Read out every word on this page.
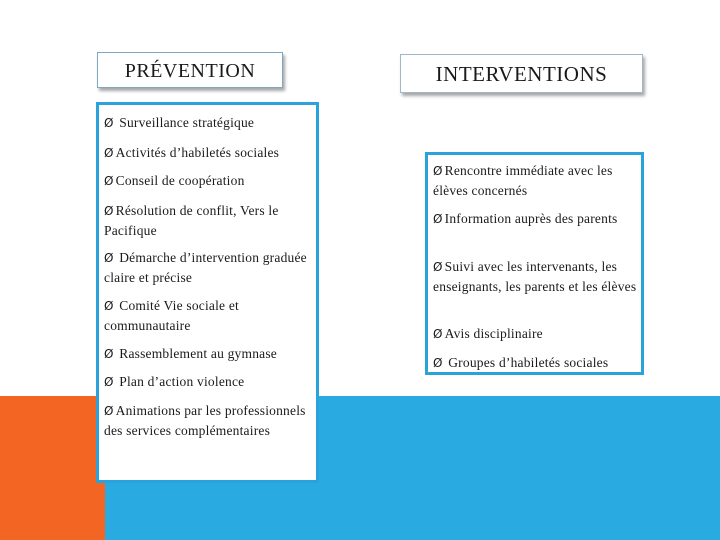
PRÉVENTION	INTERVENTIONS

Ø Surveillance stratégique

Ø Activités d’habiletés sociales

Ø Conseil de coopération

Ø Résolution de conflit, Vers le Pacifique

Ø Démarche d’intervention graduée claire et précise

Ø Comité Vie sociale et communautaire

Ø Rassemblement au gymnase

Ø Plan d’action violence

Ø Animations par les professionnels des services complémentaires

Ø Rencontre immédiate avec les élèves concernés

Ø Information auprès des parents

Ø Suivi avec les intervenants, les enseignants, les parents et les élèves

Ø Avis disciplinaire

Ø Groupes d’habiletés sociales
